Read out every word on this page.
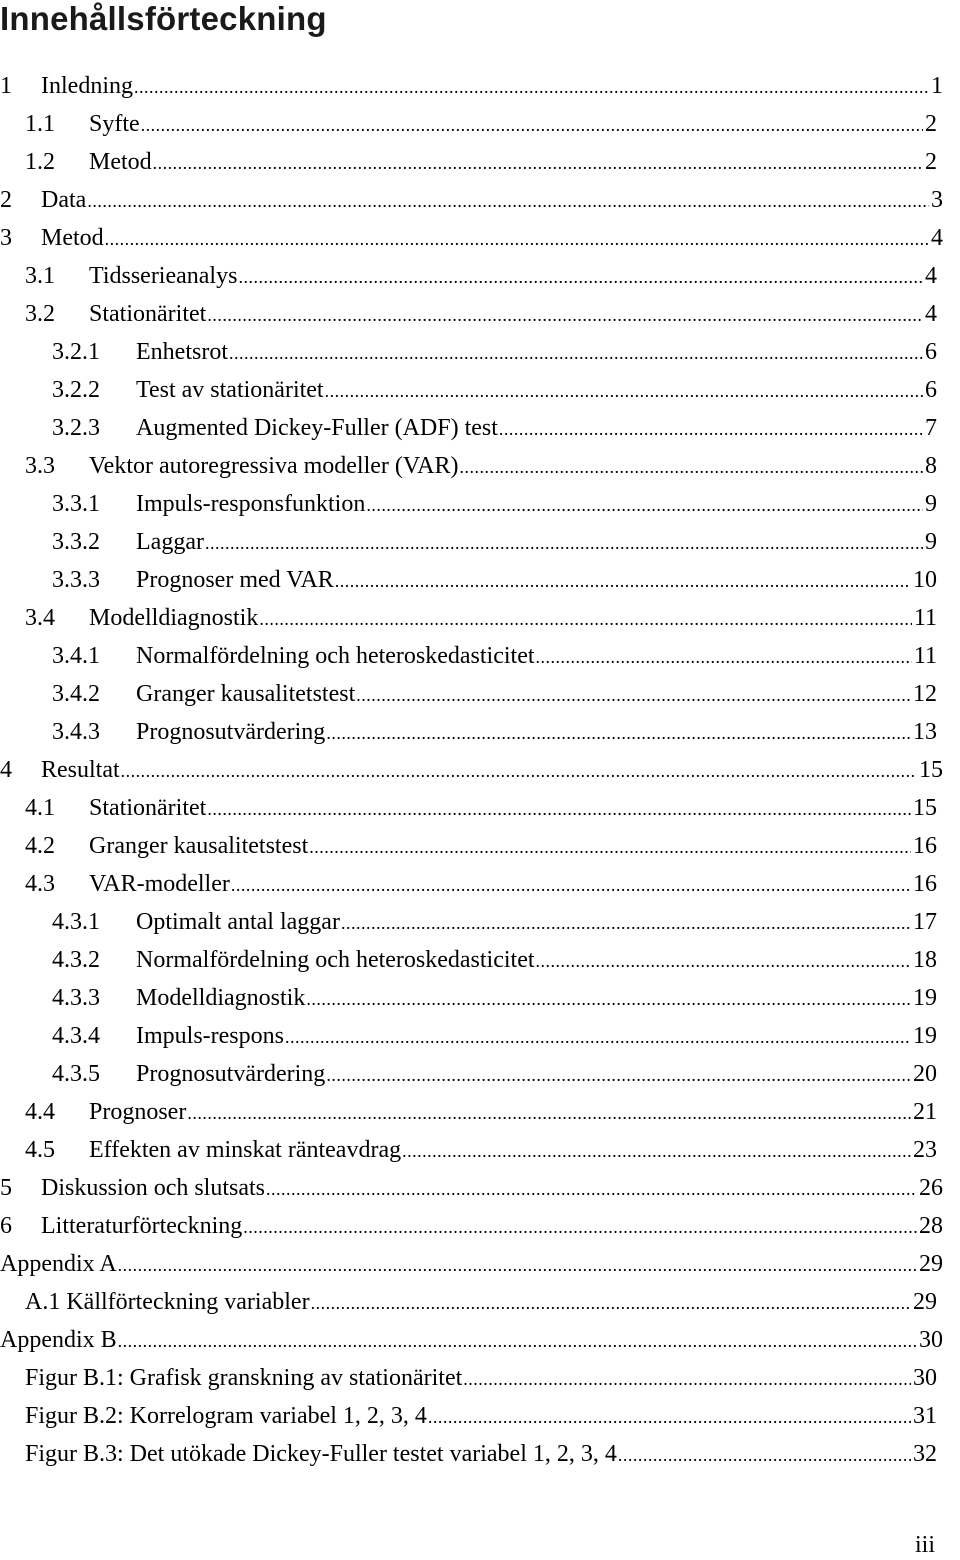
Innehållsförteckning
1	Inledning .....	1
1.1	Syfte .....	2
1.2	Metod .....	2
2	Data .....	3
3	Metod .....	4
3.1	Tidsserieanalys .....	4
3.2	Stationäritet .....	4
3.2.1	Enhetsrot .....	6
3.2.2	Test av stationäritet .....	6
3.2.3	Augmented Dickey-Fuller (ADF) test .....	7
3.3	Vektor autoregressiva modeller (VAR) .....	8
3.3.1	Impuls-responsfunktion .....	9
3.3.2	Laggar .....	9
3.3.3	Prognoser med VAR .....	10
3.4	Modelldiagnostik .....	11
3.4.1	Normalfördelning och heteroskedasticitet .....	11
3.4.2	Granger kausalitetstest .....	12
3.4.3	Prognosutvärdering .....	13
4	Resultat .....	15
4.1	Stationäritet .....	15
4.2	Granger kausalitetstest .....	16
4.3	VAR-modeller .....	16
4.3.1	Optimalt antal laggar .....	17
4.3.2	Normalfördelning och heteroskedasticitet .....	18
4.3.3	Modelldiagnostik .....	19
4.3.4	Impuls-respons .....	19
4.3.5	Prognosutvärdering .....	20
4.4	Prognoser .....	21
4.5	Effekten av minskat ränteavdrag .....	23
5	Diskussion och slutsats .....	26
6	Litteraturförteckning .....	28
Appendix A .....	29
A.1 Källförteckning variabler .....	29
Appendix B .....	30
Figur B.1: Grafisk granskning av stationäritet .....	30
Figur B.2: Korrelogram variabel 1, 2, 3, 4 .....	31
Figur B.3: Det utökade Dickey-Fuller testet variabel 1, 2, 3, 4 .....	32
iii
